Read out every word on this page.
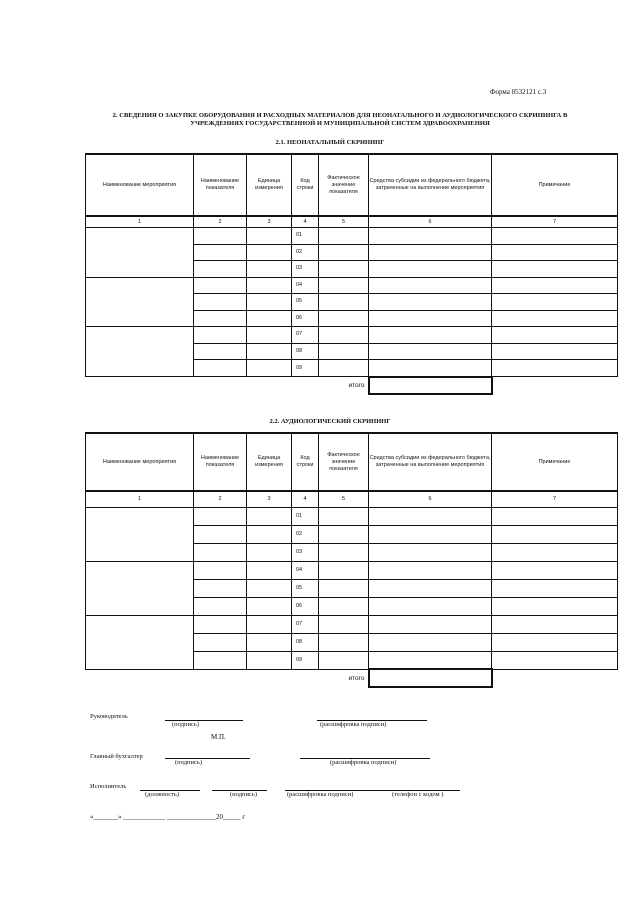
Форма 0532121 с.3
2. СВЕДЕНИЯ О ЗАКУПКЕ ОБОРУДОВАНИЯ И РАСХОДНЫХ МАТЕРИАЛОВ ДЛЯ НЕОНАТАЛЬНОГО И АУДИОЛОГИЧЕСКОГО СКРИНИНГА В
УЧРЕЖДЕНИЯХ ГОСУДАРСТВЕННОЙ И МУНИЦИПАЛЬНОЙ СИСТЕМ ЗДРАВООХРАНЕНИЯ
2.1. НЕОНАТАЛЬНЫЙ СКРИНИНГ
Наименование мероприятия	Наименование показателя	Единица измерения	Код строки	Фактическое значение показателя	Средства субсидии из федерального бюджета, затраченные на выполнение мероприятия	Примечание
1	2	3	4	5	6	7
			01			
			02			
			03			
			04			
			05			
			06			
			07			
			08			
			09			
			итого			
2.2. АУДИОЛОГИЧЕСКИЙ СКРИНИНГ
Наименование мероприятия	Наименование показателя	Единица измерения	Код строки	Фактическое значение показателя	Средства субсидии из федерального бюджета, затраченные на выполнение мероприятия	Примечание
1	2	3	4	5	6	7
			01			
			02			
			03			
			04			
			05			
			06			
			07			
			08			
			09			
			итого			
Руководитель
(подпись)	(расшифровка подписи)
М.П.
Главный бухгалтер
(подпись)	(расшифровка подписи)
Исполнитель
(должность)	(подпись)	(расшифровка подписи)	(телефон с кодом )
«_______» ____________ ______________20_____ г
